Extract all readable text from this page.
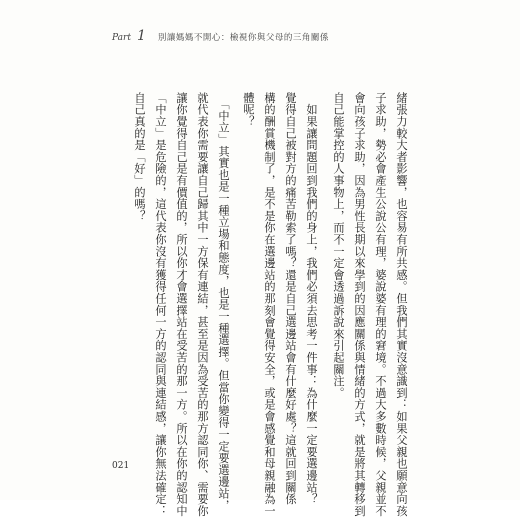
Part 1 別讓媽媽不開心：檢視你與父母的三角關係
緒張力較大者影響，也容易有所共感。但我們其實沒意識到：如果父親也願意向孩
子求助，勢必會產生公說公有理，婆說婆有理的窘境。不過大多數時候，父親並不
會向孩子求助，因為男性長期以來學到的因應關係與情緒的方式，就是將其轉移到
自己能掌控的人事物上，而不一定會透過訴說來引起關注。
　如果讓問題回到我們的身上，我們必須去思考一件事：為什麼一定要選邊站？
覺得自己被對方的痛苦勒索了嗎？還是自己選邊站會有什麼好處？這就回到關係
構的酬賞機制了，是不是你在選邊站的那刻會覺得安全，或是會感覺和母親融為一
體呢？
　「中立」其實也是一種立場和態度，也是一種選擇。但當你變得一定要選邊站，
就代表你需要讓自己歸其中一方保有連結，甚至是因為受苦的那方認同你、需要你
讓你覺得自己是有價值的，所以你才會選擇站在受苦的那一方。所以在你的認知中
「中立」是危險的，這代表你沒有獲得任何一方的認同與連結感，讓你無法確定：
自己真的是「好」的嗎？
021
